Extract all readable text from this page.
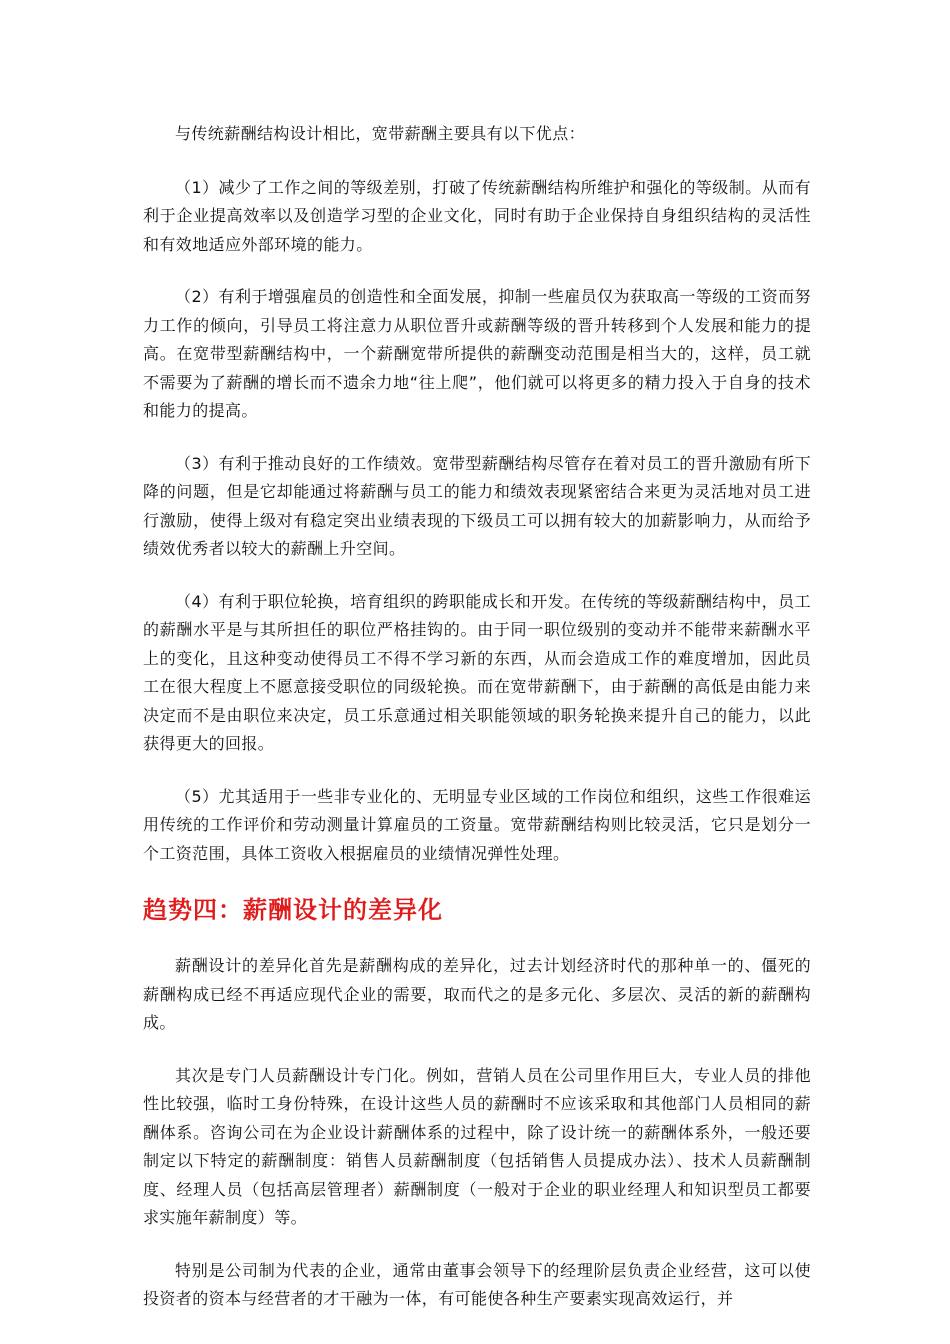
与传统薪酬结构设计相比，宽带薪酬主要具有以下优点：

（1）减少了工作之间的等级差别，打破了传统薪酬结构所维护和强化的等级制。从而有利于企业提高效率以及创造学习型的企业文化，同时有助于企业保持自身组织结构的灵活性和有效地适应外部环境的能力。

（2）有利于增强雇员的创造性和全面发展，抑制一些雇员仅为获取高一等级的工资而努力工作的倾向，引导员工将注意力从职位晋升或薪酬等级的晋升转移到个人发展和能力的提高。在宽带型薪酬结构中，一个薪酬宽带所提供的薪酬变动范围是相当大的，这样，员工就不需要为了薪酬的增长而不遗余力地“往上爬”，他们就可以将更多的精力投入于自身的技术和能力的提高。

（3）有利于推动良好的工作绩效。宽带型薪酬结构尽管存在着对员工的晋升激励有所下降的问题，但是它却能通过将薪酬与员工的能力和绩效表现紧密结合来更为灵活地对员工进行激励，使得上级对有稳定突出业绩表现的下级员工可以拥有较大的加薪影响力，从而给予绩效优秀者以较大的薪酬上升空间。

（4）有利于职位轮换，培育组织的跨职能成长和开发。在传统的等级薪酬结构中，员工的薪酬水平是与其所担任的职位严格挂钩的。由于同一职位级别的变动并不能带来薪酬水平上的变化，且这种变动使得员工不得不学习新的东西，从而会造成工作的难度增加，因此员工在很大程度上不愿意接受职位的同级轮换。而在宽带薪酬下，由于薪酬的高低是由能力来决定而不是由职位来决定，员工乐意通过相关职能领域的职务轮换来提升自己的能力，以此获得更大的回报。

（5）尤其适用于一些非专业化的、无明显专业区域的工作岗位和组织，这些工作很难运用传统的工作评价和劳动测量计算雇员的工资量。宽带薪酬结构则比较灵活，它只是划分一个工资范围，具体工资收入根据雇员的业绩情况弹性处理。

趋势四：薪酬设计的差异化

薪酬设计的差异化首先是薪酬构成的差异化，过去计划经济时代的那种单一的、僵死的薪酬构成已经不再适应现代企业的需要，取而代之的是多元化、多层次、灵活的新的薪酬构成。

其次是专门人员薪酬设计专门化。例如，营销人员在公司里作用巨大，专业人员的排他性比较强，临时工身份特殊，在设计这些人员的薪酬时不应该采取和其他部门人员相同的薪酬体系。咨询公司在为企业设计薪酬体系的过程中，除了设计统一的薪酬体系外，一般还要制定以下特定的薪酬制度：销售人员薪酬制度（包括销售人员提成办法）、技术人员薪酬制度、经理人员（包括高层管理者）薪酬制度（一般对于企业的职业经理人和知识型员工都要求实施年薪制度）等。

特别是公司制为代表的企业，通常由董事会领导下的经理阶层负责企业经营，这可以使投资者的资本与经营者的才干融为一体，有可能使各种生产要素实现高效运行，并
